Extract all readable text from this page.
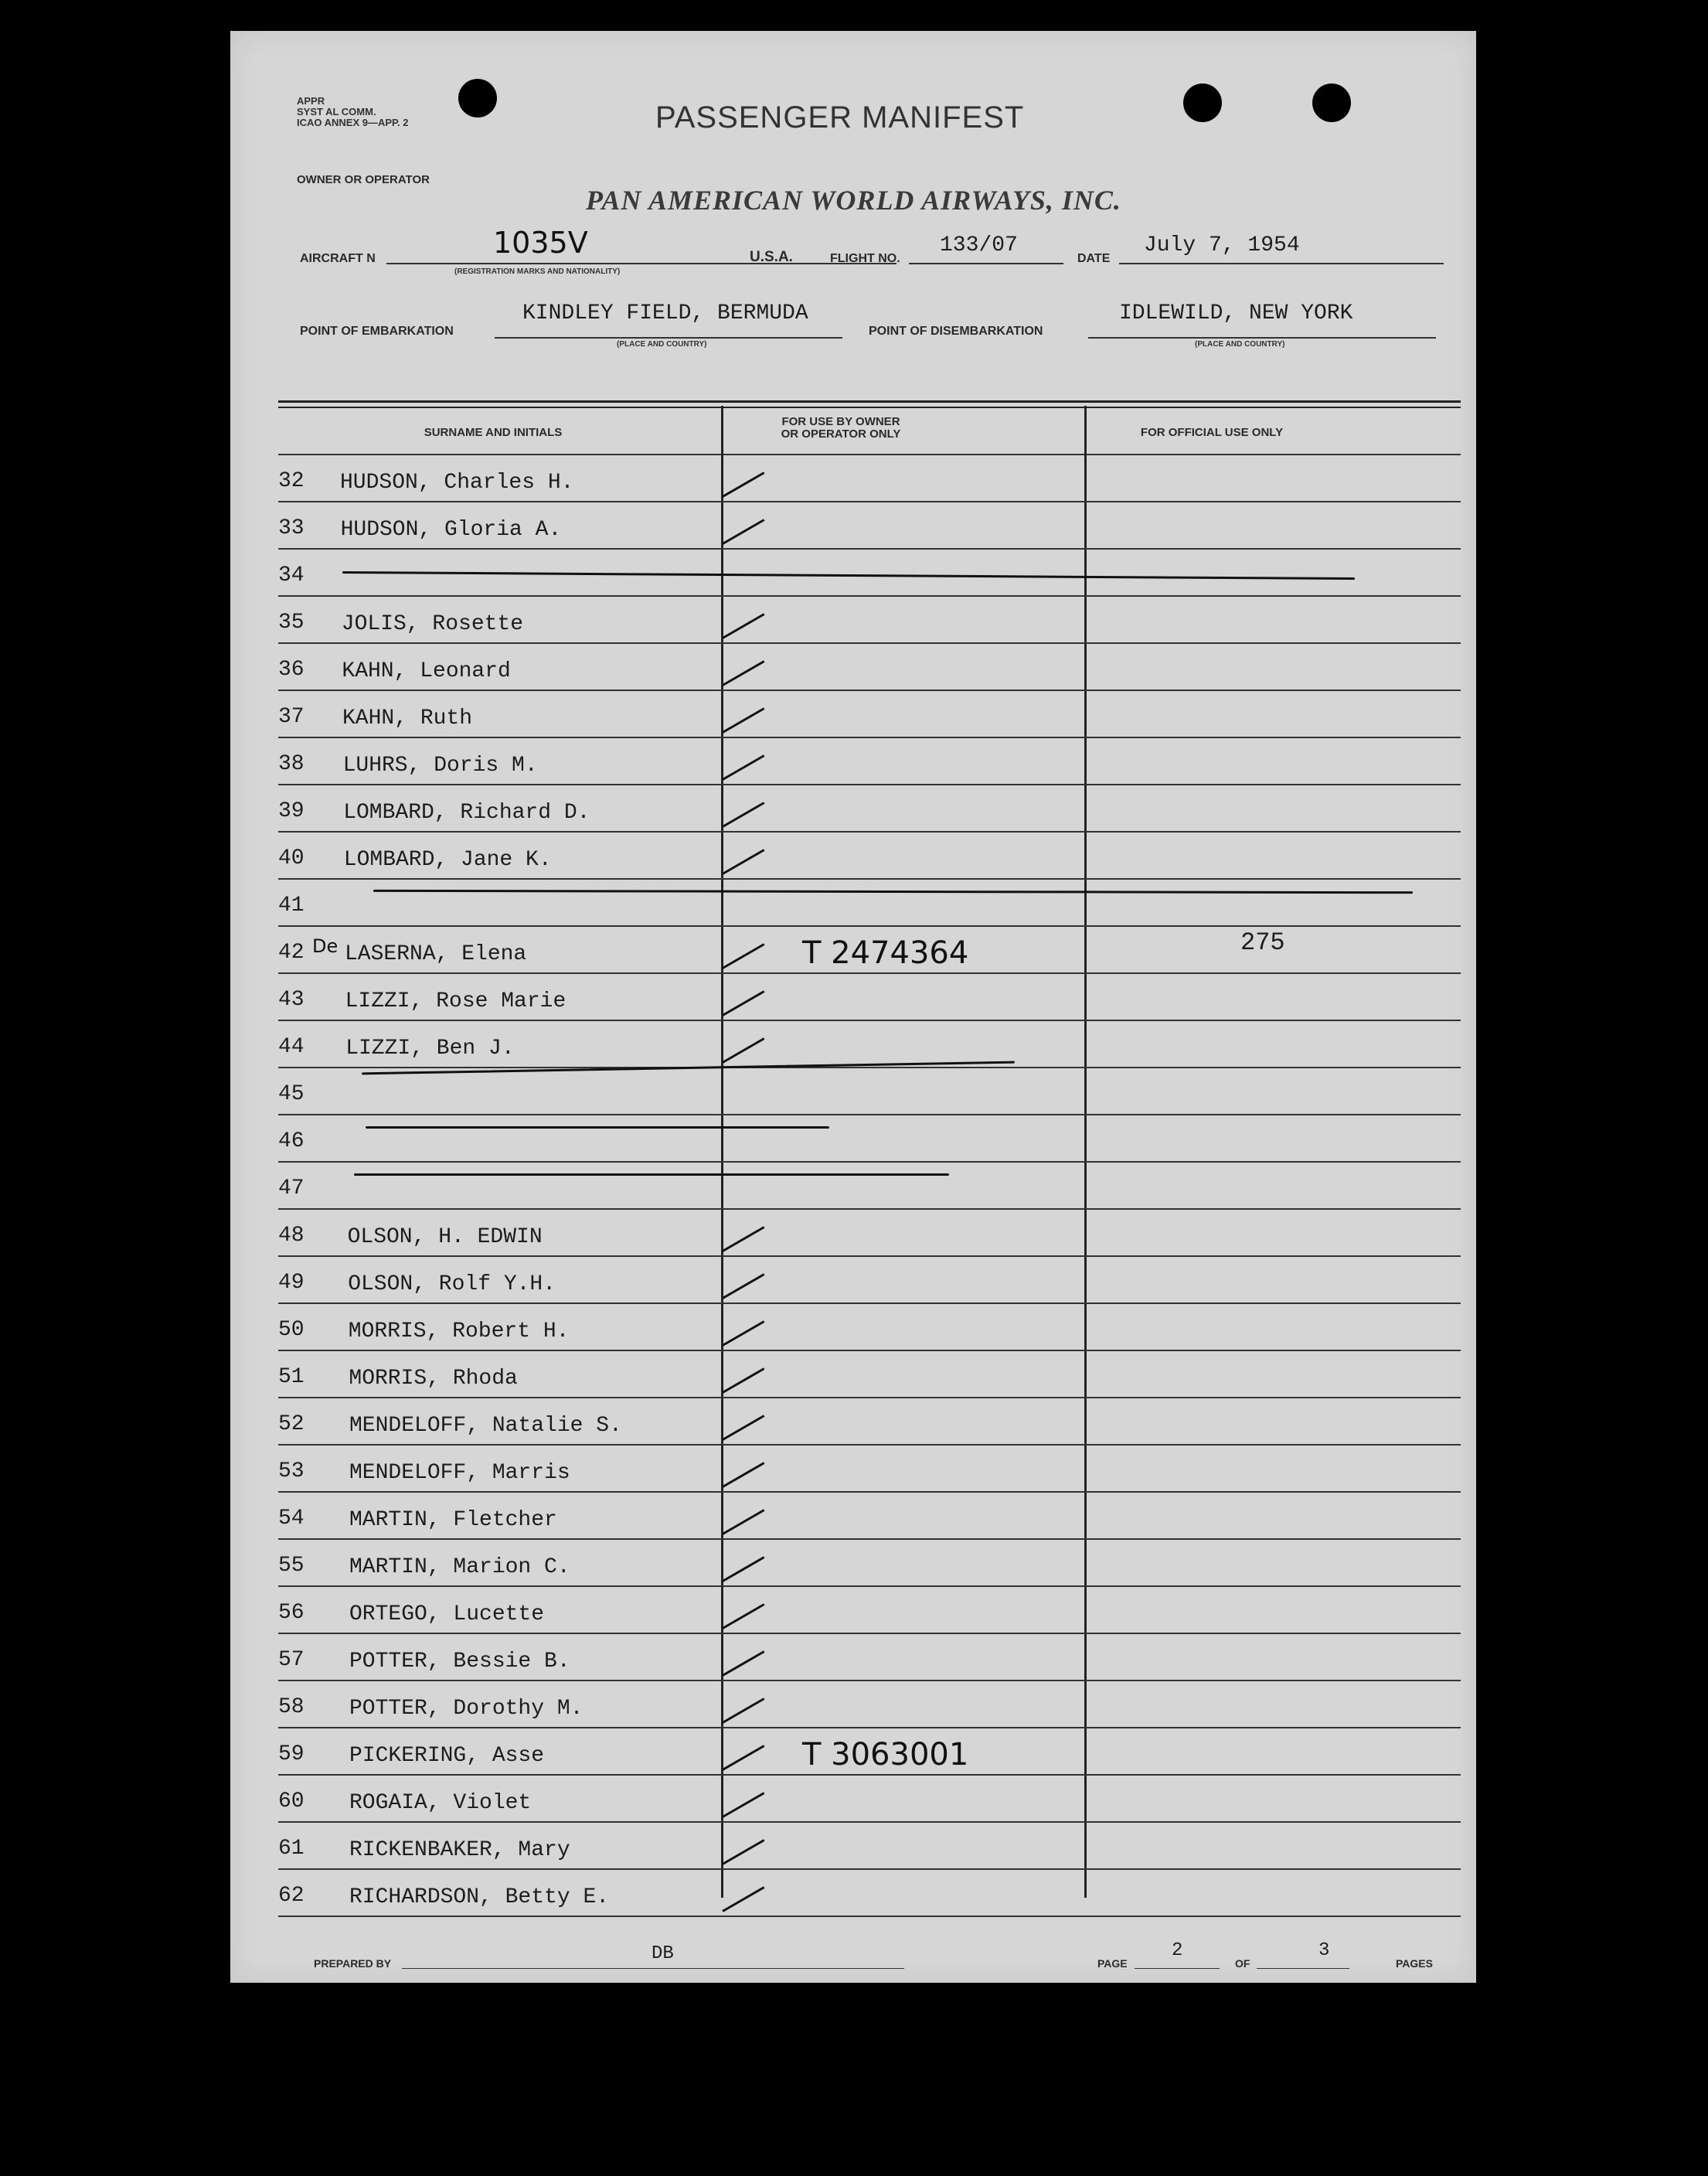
APPR
SYST AL COMM.
ICAO ANNEX 9—APP. 2	PASSENGER MANIFEST
OWNER OR OPERATOR
PAN AMERICAN WORLD AIRWAYS, INC.
AIRCRAFT N	1035V
(REGISTRATION MARKS AND NATIONALITY)
U.S.A.	FLIGHT NO.
133/07
DATE
July 7, 1954
POINT OF EMBARKATION
KINDLEY FIELD, BERMUDA
(PLACE AND COUNTRY)
POINT OF DISEMBARKATION
IDLEWILD, NEW YORK
(PLACE AND COUNTRY)
SURNAME AND INITIALS
FOR USE BY OWNER
OR OPERATOR ONLY	FOR OFFICIAL USE ONLY
32 HUDSON, Charles H.
33 HUDSON, Gloria A.
34
35 JOLIS, Rosette
36 KAHN, Leonard
37 KAHN, Ruth
38 LUHRS, Doris M.
39 LOMBARD, Richard D.
40 LOMBARD, Jane K.
41
42 De LASERNA, Elena	T 2474364	275
43 LIZZI, Rose Marie
44 LIZZI, Ben J.
45
46
47
48 OLSON, H. EDWIN
49 OLSON, Rolf Y.H.
50 MORRIS, Robert H.
51 MORRIS, Rhoda
52 MENDELOFF, Natalie S.
53 MENDELOFF, Marris
54 MARTIN, Fletcher
55 MARTIN, Marion C.
56 ORTEGO, Lucette
57 POTTER, Bessie B.
58 POTTER, Dorothy M.
59 PICKERING, Asse	T 3063001
60 ROGAIA, Violet
61 RICKENBAKER, Mary
62 RICHARDSON, Betty E.
PREPARED BY	DB	PAGE
2
OF
3
PAGES
